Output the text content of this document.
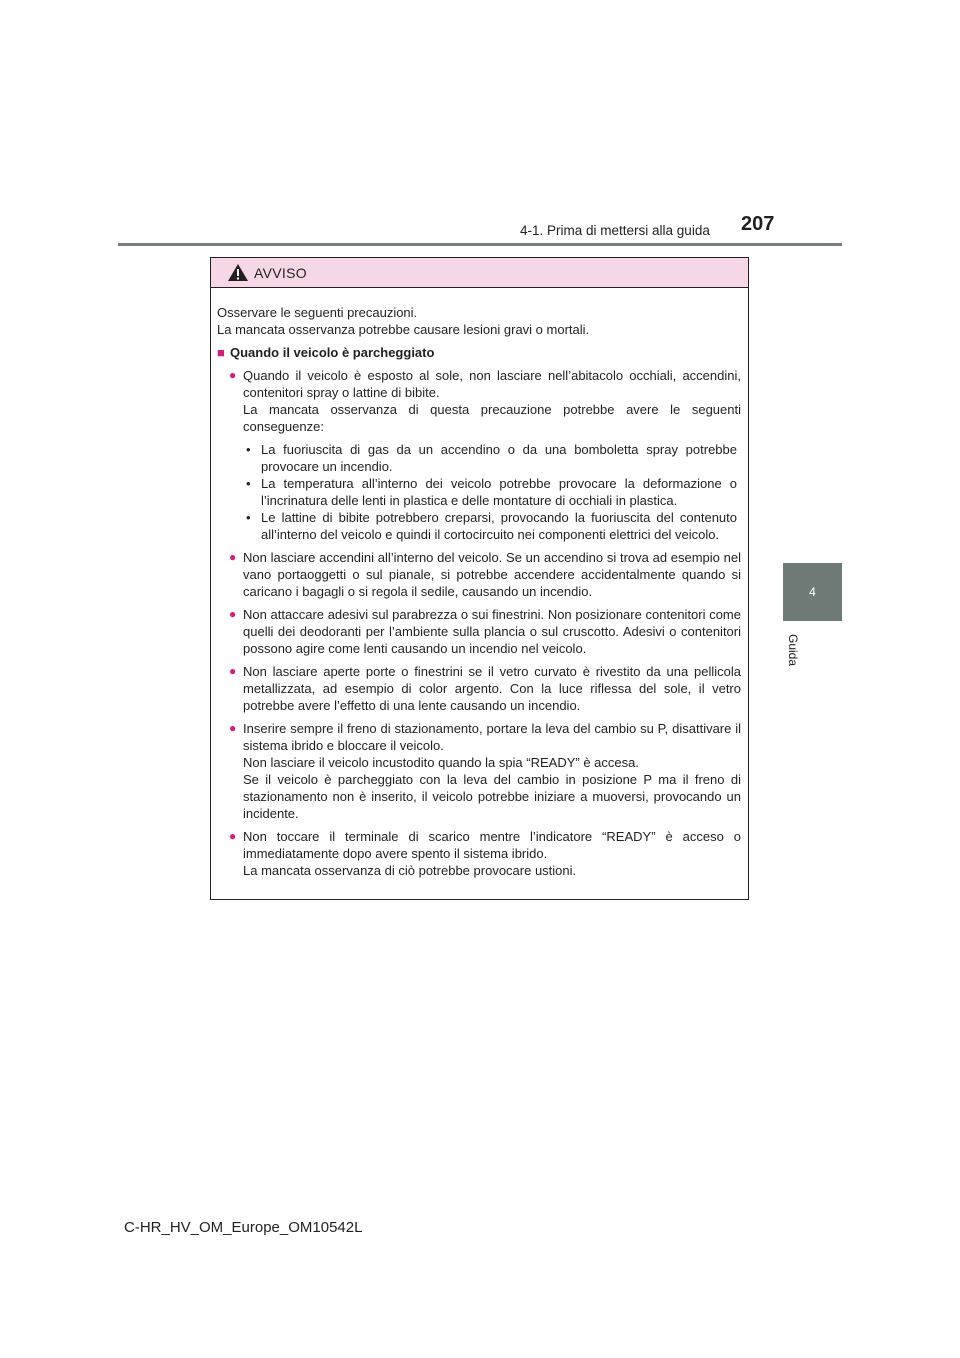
4-1. Prima di mettersi alla guida 207
4
Guida
AVVISO

Osservare le seguenti precauzioni.

La mancata osservanza potrebbe causare lesioni gravi o mortali.

■ Quando il veicolo è parcheggiato
● Quando il veicolo è esposto al sole, non lasciare nell’abitacolo occhiali, accendini, contenitori spray o lattine di bibite.

La mancata osservanza di questa precauzione potrebbe avere le seguenti conseguenze:

• La fuoriuscita di gas da un accendino o da una bomboletta spray potrebbe provocare un incendio.
• La temperatura all’interno dei veicolo potrebbe provocare la deformazione o l’incrinatura delle lenti in plastica e delle montature di occhiali in plastica.
• Le lattine di bibite potrebbero creparsi, provocando la fuoriuscita del contenuto all’interno del veicolo e quindi il cortocircuito nei componenti elettrici del veicolo.
● Non lasciare accendini all’interno del veicolo. Se un accendino si trova ad esempio nel vano portaoggetti o sul pianale, si potrebbe accendere accidentalmente quando si caricano i bagagli o si regola il sedile, causando un incendio.

● Non attaccare adesivi sul parabrezza o sui finestrini. Non posizionare contenitori come quelli dei deodoranti per l’ambiente sulla plancia o sul cruscotto. Adesivi o contenitori possono agire come lenti causando un incendio nel veicolo.

● Non lasciare aperte porte o finestrini se il vetro curvato è rivestito da una pellicola metallizzata, ad esempio di color argento. Con la luce riflessa del sole, il vetro potrebbe avere l’effetto di una lente causando un incendio.

● Inserire sempre il freno di stazionamento, portare la leva del cambio su P, disattivare il sistema ibrido e bloccare il veicolo.

Non lasciare il veicolo incustodito quando la spia “READY” è accesa.

Se il veicolo è parcheggiato con la leva del cambio in posizione P ma il freno di stazionamento non è inserito, il veicolo potrebbe iniziare a muoversi, provocando un incidente.

● Non toccare il terminale di scarico mentre l’indicatore “READY” è acceso o immediatamente dopo avere spento il sistema ibrido.

La mancata osservanza di ciò potrebbe provocare ustioni.

C-HR_HV_OM_Europe_OM10542L
